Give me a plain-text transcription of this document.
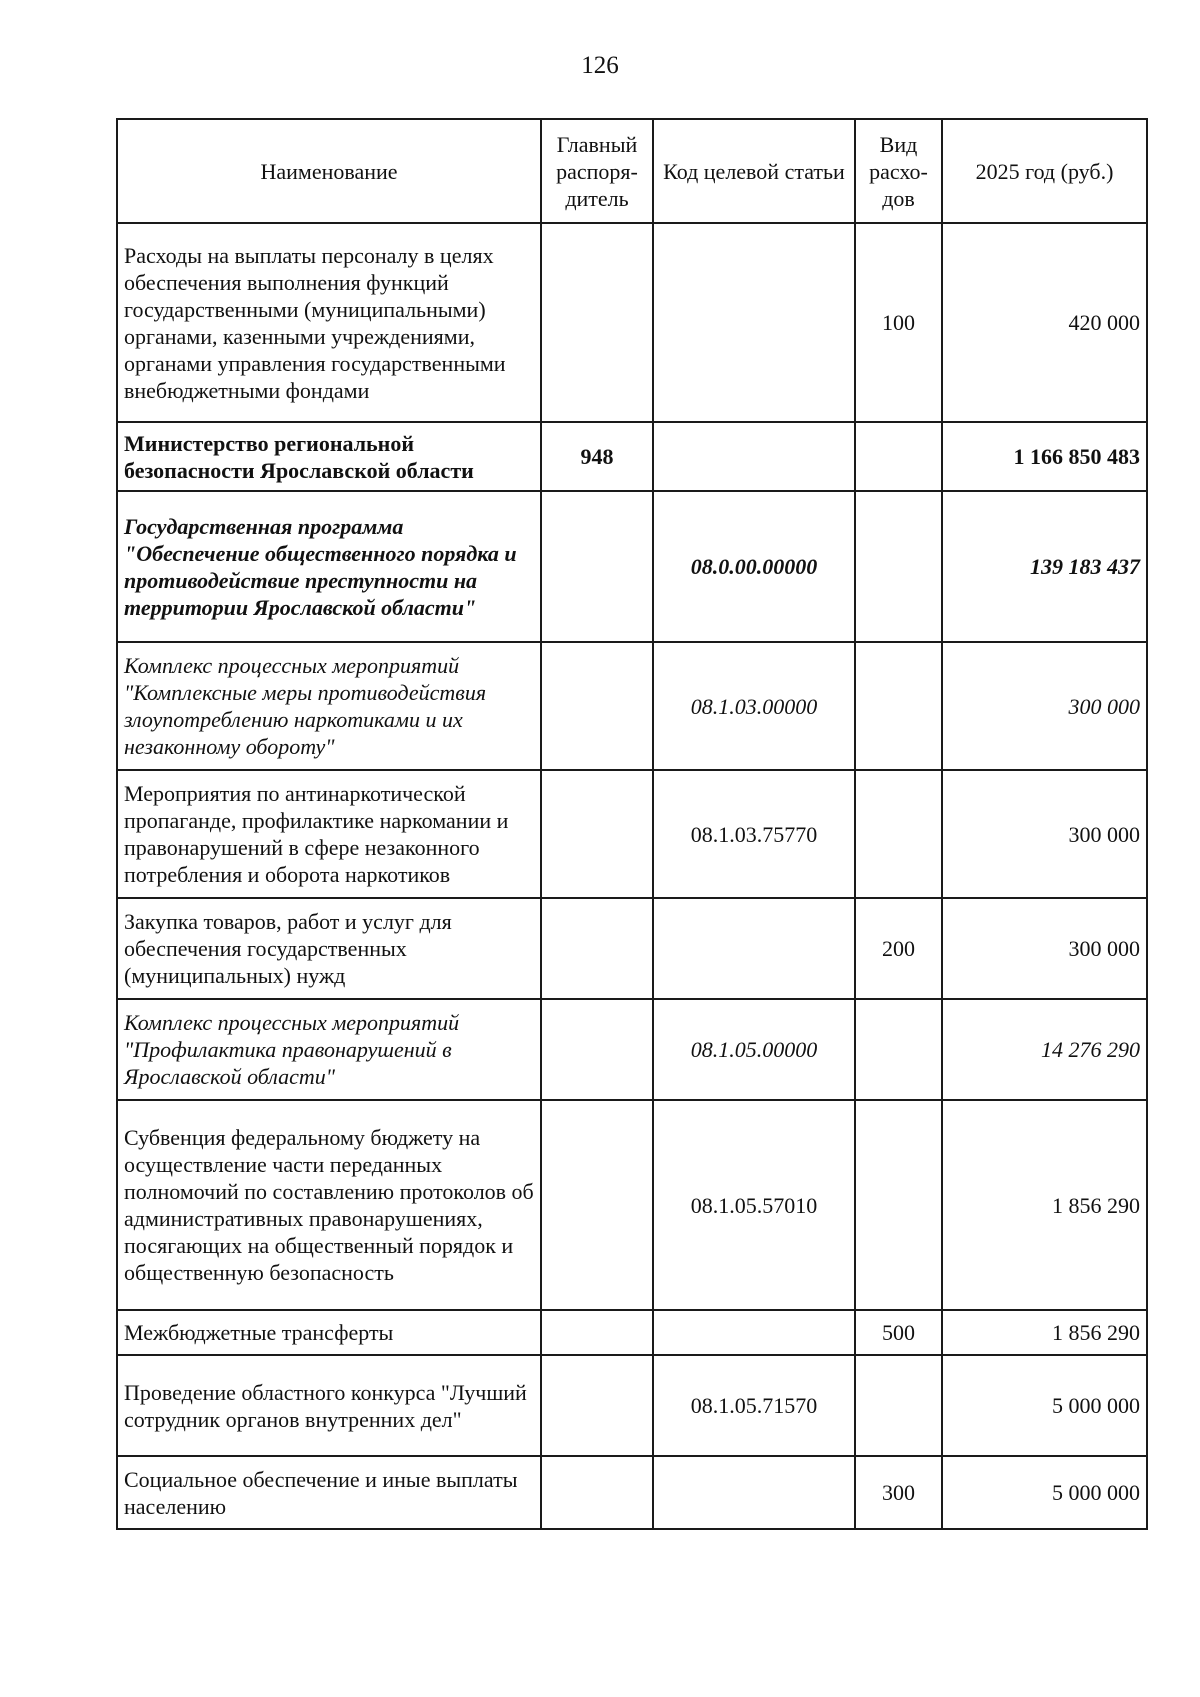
126
Наименование	Главный распоря-дитель	Код целевой статьи	Вид расхо-дов	2025 год (руб.)
Расходы на выплаты персоналу в целях обеспечения выполнения функций государственными (муниципальными) органами, казенными учреждениями, органами управления государственными внебюджетными фондами			100	420 000
Министерство региональной безопасности Ярославской области	948			1 166 850 483
Государственная программа "Обеспечение общественного порядка и противодействие преступности на территории Ярославской области"		08.0.00.00000		139 183 437
Комплекс процессных мероприятий "Комплексные меры противодействия злоупотреблению наркотиками и их незаконному обороту"		08.1.03.00000		300 000
Мероприятия по антинаркотической пропаганде, профилактике наркомании и правонарушений в сфере незаконного потребления и оборота наркотиков		08.1.03.75770		300 000
Закупка товаров, работ и услуг для обеспечения государственных (муниципальных) нужд			200	300 000
Комплекс процессных мероприятий "Профилактика правонарушений в Ярославской области"		08.1.05.00000		14 276 290
Субвенция федеральному бюджету на осуществление части переданных полномочий по составлению протоколов об административных правонарушениях, посягающих на общественный порядок и общественную безопасность		08.1.05.57010		1 856 290
Межбюджетные трансферты			500	1 856 290
Проведение областного конкурса "Лучший сотрудник органов внутренних дел"		08.1.05.71570		5 000 000
Социальное обеспечение и иные выплаты населению			300	5 000 000
